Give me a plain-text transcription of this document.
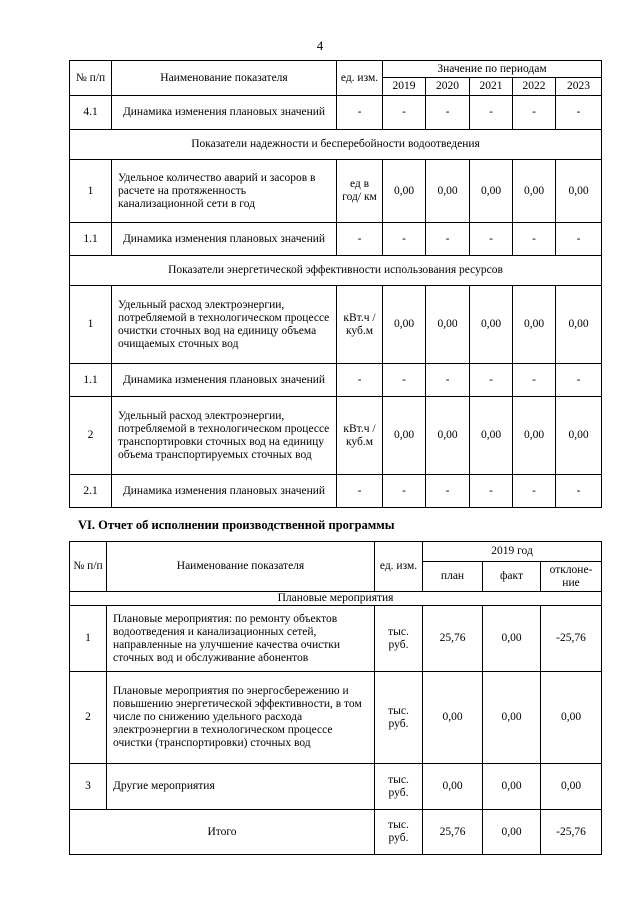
4
№ п/п	Наименование показателя	ед. изм.	Значение по периодам				
			2019	2020	2021	2022	2023
4.1	Динамика изменения плановых значений	-	-	-	-	-	-
Показатели надежности и бесперебойности водоотведения							
1	Удельное количество аварий и засоров в расчете на протяженность канализационной сети в год	ед в год/ км	0,00	0,00	0,00	0,00	0,00
1.1	Динамика изменения плановых значений	-	-	-	-	-	-
Показатели энергетической эффективности использования ресурсов							
1	Удельный расход электроэнергии, потребляемой в технологическом процессе очистки сточных вод на единицу объема очищаемых сточных вод	кВт.ч / куб.м	0,00	0,00	0,00	0,00	0,00
1.1	Динамика изменения плановых значений	-	-	-	-	-	-
2	Удельный расход электроэнергии, потребляемой в технологическом процессе транспортировки сточных вод на единицу объема транспортируемых сточных вод	кВт.ч / куб.м	0,00	0,00	0,00	0,00	0,00
2.1	Динамика изменения плановых значений	-	-	-	-	-	-
VI. Отчет об исполнении производственной программы
№ п/п	Наименование показателя	ед. изм.	2019 год		
			план	факт	отклоне- ние
Плановые мероприятия					
1	Плановые мероприятия: по ремонту объектов водоотведения и канализационных сетей, направленные на улучшение качества очистки сточных вод и обслуживание абонентов	тыс. руб.	25,76	0,00	-25,76
2	Плановые мероприятия по энергосбережению и повышению энергетической эффективности, в том числе по снижению удельного расхода электроэнергии в технологическом процессе очистки (транспортировки) сточных вод	тыс. руб.	0,00	0,00	0,00
3	Другие мероприятия	тыс. руб.	0,00	0,00	0,00
Итого		тыс. руб.	25,76	0,00	-25,76
